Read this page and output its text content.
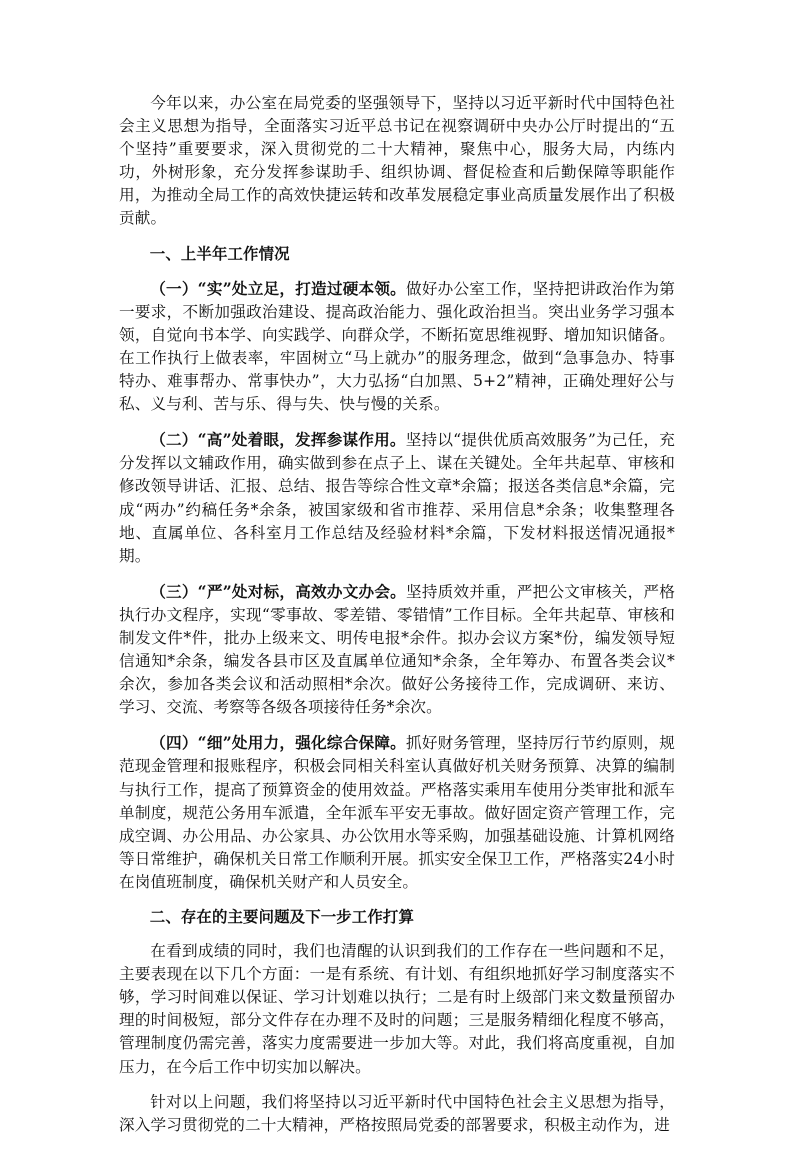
今年以来，办公室在局党委的坚强领导下，坚持以习近平新时代中国特色社会主义思想为指导，全面落实习近平总书记在视察调研中央办公厅时提出的“五个坚持”重要要求，深入贯彻党的二十大精神，聚焦中心，服务大局，内练内功，外树形象，充分发挥参谋助手、组织协调、督促检查和后勤保障等职能作用，为推动全局工作的高效快捷运转和改革发展稳定事业高质量发展作出了积极贡献。

一、上半年工作情况

（一）“实”处立足，打造过硬本领。做好办公室工作，坚持把讲政治作为第一要求，不断加强政治建设、提高政治能力、强化政治担当。突出业务学习强本领，自觉向书本学、向实践学、向群众学，不断拓宽思维视野、增加知识储备。在工作执行上做表率，牢固树立“马上就办”的服务理念，做到“急事急办、特事特办、难事帮办、常事快办”，大力弘扬“白加黑、5+2”精神，正确处理好公与私、义与利、苦与乐、得与失、快与慢的关系。

（二）“高”处着眼，发挥参谋作用。坚持以“提供优质高效服务”为己任，充分发挥以文辅政作用，确实做到参在点子上、谋在关键处。全年共起草、审核和修改领导讲话、汇报、总结、报告等综合性文章*余篇；报送各类信息*余篇，完成“两办”约稿任务*余条，被国家级和省市推荐、采用信息*余条；收集整理各地、直属单位、各科室月工作总结及经验材料*余篇，下发材料报送情况通报*期。

（三）“严”处对标，高效办文办会。坚持质效并重，严把公文审核关，严格执行办文程序，实现“零事故、零差错、零错情”工作目标。全年共起草、审核和制发文件*件，批办上级来文、明传电报*余件。拟办会议方案*份，编发领导短信通知*余条，编发各县市区及直属单位通知*余条，全年筹办、布置各类会议*余次，参加各类会议和活动照相*余次。做好公务接待工作，完成调研、来访、学习、交流、考察等各级各项接待任务*余次。

（四）“细”处用力，强化综合保障。抓好财务管理，坚持厉行节约原则，规范现金管理和报账程序，积极会同相关科室认真做好机关财务预算、决算的编制与执行工作，提高了预算资金的使用效益。严格落实乘用车使用分类审批和派车单制度，规范公务用车派遣，全年派车平安无事故。做好固定资产管理工作，完成空调、办公用品、办公家具、办公饮用水等采购，加强基础设施、计算机网络等日常维护，确保机关日常工作顺利开展。抓实安全保卫工作，严格落实24小时在岗值班制度，确保机关财产和人员安全。

二、存在的主要问题及下一步工作打算

在看到成绩的同时，我们也清醒的认识到我们的工作存在一些问题和不足，主要表现在以下几个方面：一是有系统、有计划、有组织地抓好学习制度落实不够，学习时间难以保证、学习计划难以执行；二是有时上级部门来文数量预留办理的时间极短，部分文件存在办理不及时的问题；三是服务精细化程度不够高，管理制度仍需完善，落实力度需要进一步加大等。对此，我们将高度重视，自加压力，在今后工作中切实加以解决。

针对以上问题，我们将坚持以习近平新时代中国特色社会主义思想为指导，深入学习贯彻党的二十大精神，严格按照局党委的部署要求，积极主动作为，进
